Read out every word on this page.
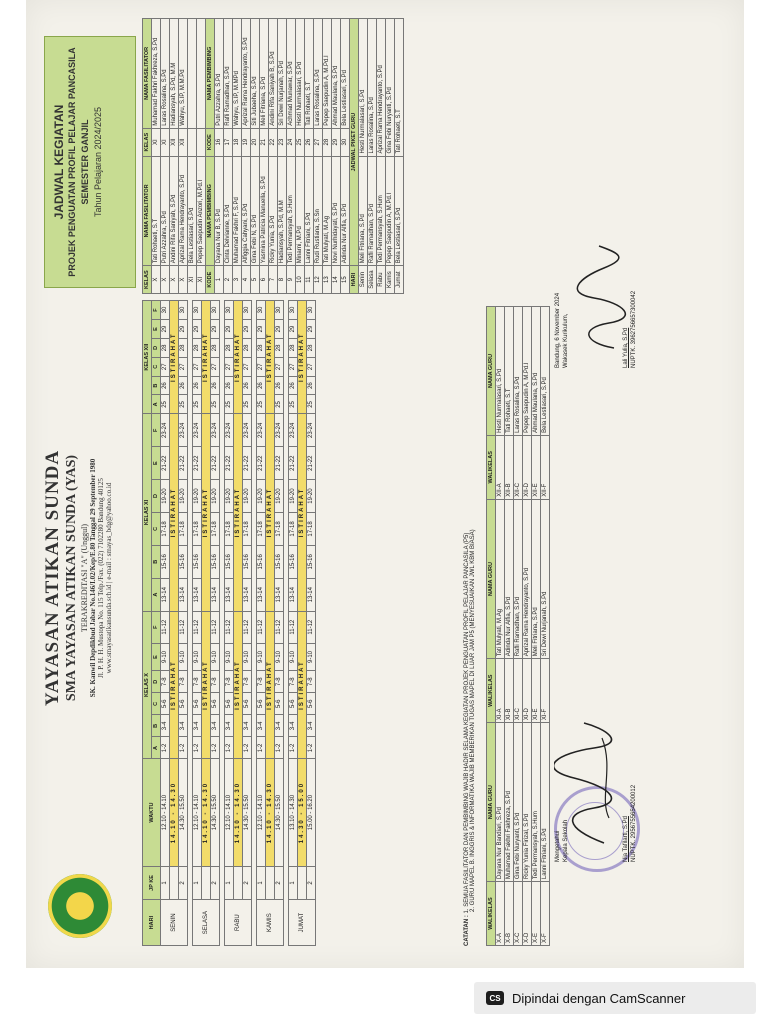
YAYASAN ATIKAN SUNDA SMA YAYASAN ATIKAN SUNDA (YAS) TERAKREDITASI "A" (Unggul) SK. Kanwil Depdikbud Jabar No.146/I.02/Kep/E.80 Tanggal 29 September 1980 Jl. P. H. H. Mustopa No. 115 Telp./Fax. (022) 7102280 Bandung 40125 www.smayasatikansunda.sch.id | e-mail : smayas_bdg@yahoo.co.id
JADWAL KEGIATAN PROJEK PENGUATAN PROFIL PELAJAR PANCASILA SEMESTER GANJIL Tahun Pelajaran 2024/2025
HARI	JP KE	WAKTU	KELAS X						KELAS XI						KELAS XII					
			A	B	C	D	E	F	A	B	C	D	E	F	A	B	C	D	E	F
SENIN	1	12.10 - 14.10	1-2	3-4	5-6	7-8	9-10	11-12	13-14	15-16	17-18	19-20	21-22	23-24	25	26	27	28	29	30
		14.10 - 14.30	ISTIRAHAT						ISTIRAHAT						ISTIRAHAT					
	2	14.30 - 15.50	1-2	3-4	5-6	7-8	9-10	11-12	13-14	15-16	17-18	19-20	21-22	23-24	25	26	27	28	29	30

SELASA	1	12.10 - 14.10	1-2	3-4	5-6	7-8	9-10	11-12	13-14	15-16	17-18	19-20	21-22	23-24	25	26	27	28	29	30
		14.10 - 14.30	ISTIRAHAT						ISTIRAHAT						ISTIRAHAT					
	2	14.30 - 15.50	1-2	3-4	5-6	7-8	9-10	11-12	13-14	15-16	17-18	19-20	21-22	23-24	25	26	27	28	29	30

RABU	1	12.10 - 14.10	1-2	3-4	5-6	7-8	9-10	11-12	13-14	15-16	17-18	19-20	21-22	23-24	25	26	27	28	29	30
		14.10 - 14.30	ISTIRAHAT						ISTIRAHAT						ISTIRAHAT					
	2	14.30 - 15.50	1-2	3-4	5-6	7-8	9-10	11-12	13-14	15-16	17-18	19-20	21-22	23-24	25	26	27	28	29	30

KAMIS	1	12.10 - 14.10	1-2	3-4	5-6	7-8	9-10	11-12	13-14	15-16	17-18	19-20	21-22	23-24	25	26	27	28	29	30
		14.10 - 14.30	ISTIRAHAT						ISTIRAHAT						ISTIRAHAT					
	2	14.30 - 15.50	1-2	3-4	5-6	7-8	9-10	11-12	13-14	15-16	17-18	19-20	21-22	23-24	25	26	27	28	29	30

JUMAT	1	13.10 - 14.30	1-2	3-4	5-6	7-8	9-10	11-12	13-14	15-16	17-18	19-20	21-22	23-24	25	26	27	28	29	30
		14.30 - 15.00	ISTIRAHAT						ISTIRAHAT						ISTIRAHAT					
	2	15.00 - 16.20	1-2	3-4	5-6	7-8	9-10	11-12	13-14	15-16	17-18	19-20	21-22	23-24	25	26	27	28	29	30
KELAS	NAMA FASILITATOR	KELAS	NAMA FASILITATOR
X	Tati Rohaeti, S.T	XI	Muhamad Fakhri Fakhreza, S.Pd
X	Putri Azzahra, S.Pd	XI	Laras Rosalina, S.Pd
X	Andini Rifa Saniyah, S.Pd	XII	Hadiansyah, S.Pd, M.M
X	Aprizal Rama Hendrayanto, S.Pd	XII	Wahyu, S.IP, M.M.Pd
XI	Bela Lestiasari, S.Pd		
XI	Pepep Saepudin Anzori, M.Pd.I		
KODE	NAMA PEMBIMBING	KODE	NAMA PEMBIMBING
1	Dayana Nur B, S.Pd	16	Putri Azzahra, S.Pd
2	Cinta Delvianne, S.Pd	17	Rafli Ramadhan, S.Pd
3	Muhamad Fakhri F, S.Pd	18	Wahyu, S.IP, M.MPd
4	Alfiggia Cahyani, S.Pd	19	Aprizal Rama Hendrayanto, S.Pd
5	Gina Febi N, S.Pd	20	Siti Jubaeha, S.Pd
6	Yasmina Patricia Manuella, S.Pd	21	Meli Fitriana, S.Pd
7	Ricky Yunia, S.Pd	22	Andini Rifa Saniyah B, S.Pd
8	Hadiansyah, S.Pd, M.M	23	Sri Dewi Nurjanah, S.Pd
9	Tedi Permansyah, S.Hum	24	Achmad Munawar, S.Pd
10	Minarni, M.Pd	25	Hesti Nurmalasari, S.Pd
11	Lanni Fitriani, S.Pd	26	Tati Rohaeti, S.T
12	Rudi Rustiana, S.Sn	27	Laras Rosalina, S.Pd
13	Tati Mulyati, M.Ag	28	Pepep Saepudin A, M.Pd.I
14	Novi Nurhidayati, S.Pd	29	Ahmad Maulana, S.Pd
15	Adinda Nur Alfia, S.Pd	30	Bela Lestiasari, S.Pd
HARI	JADWAL PIKET GURU		
Senin	Meli Fitriana, S.Pd	Hesti Nurmalasari, S.Pd	
Selasa	Rafli Ramadhan, S.Pd	Laras Rosalina, S.Pd	
Rabu	Tedi Permansyah, S.Hum	Aprizal Rama Hendrayanto, S.Pd	
Kamis	Pepep Saepudin A, M.Pd.I	Gina Febi Nuryanti, S.Pd	
Jumat	Bela Lestiasari, S.Pd	Tati Rohaeti, S.T	
CATATAN : 1. SEMUA FASILITATOR DAN PEMBIMBING WAJIB HADIR SELAMA KEGIATAN PROJEK PENGUATAN PROFIL PELAJAR PANCASILA (P5) 2. GURU MAPEL B. INGGRIS & INFORMATIKA WAJIB MEMBERIKAN TUGAS MAPEL DI LUAR JAM P5 (MENYESUAIKAN JWL KBM BIASA)
WALIKELAS	NAMA GURU	WALIKELAS	NAMA GURU	WALIKELAS	NAMA GURU
X-A	Dayana Nur Bandiari, S.Pd	XI-A	Tati Mulyati, M.Ag	XII-A	Hesti Nurmalasari, S.Pd
X-B	Muhamad Fakhri Fakhreza, S.Pd	XI-B	Adinda Nur Alfia, S.Pd	XII-B	Tati Rohaeti, S.T
X-C	Gina Febi Nuryanti, S.Pd	XI-C	Rafli Ramadhan, S.Pd	XII-C	Laras Rosalina, S.Pd
X-D	Ricky Yunia Firizal, S.Pd	XI-D	Aprizal Rama Hendrayanto, S.Pd	XII-D	Pepep Saepudin A, M.Pd.I
X-E	Tedi Permansyah, S.Hum	XI-E	Meli Fitriana, S.Pd	XII-E	Ahmad Maulana, S.Pd
X-F	Lanni Fitriani, S.Pd	XI-F	Sri Dewi Nurjanah, S.Pd	XII-F	Bela Lestiasari, S.Pd
Mengetahui Kepala Sekolah	Nia Tafilarti, S.Pd NUPTK. 2956755654200012
Bandung, 6 November 2024 Wakasek Kurikulum,	Lali Yulia, S.Pd NUPTK. 3962756657300042
CS Dipindai dengan CamScanner
